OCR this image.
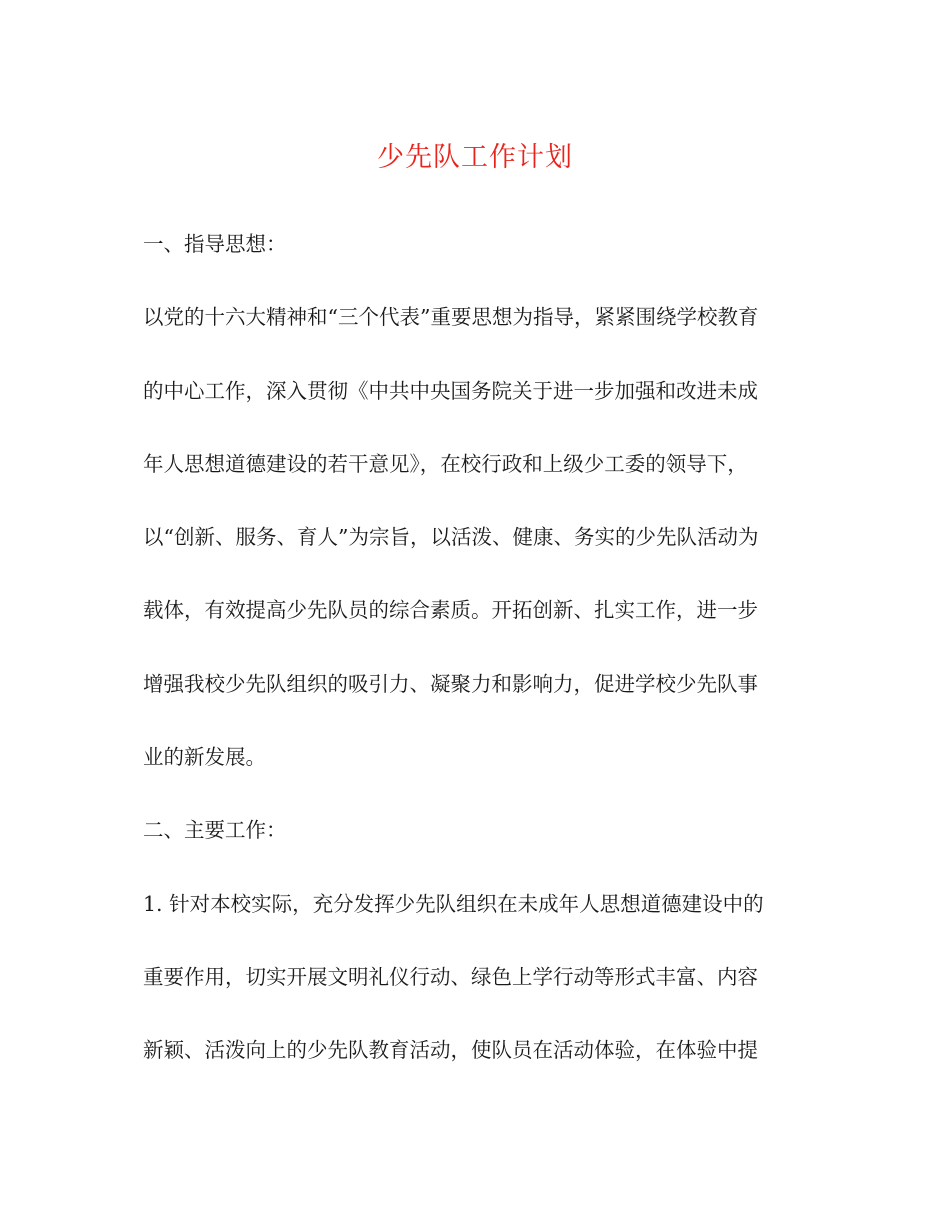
少先队工作计划
一、指导思想：
以党的十六大精神和“三个代表”重要思想为指导，紧紧围绕学校教育
的中心工作，深入贯彻《中共中央国务院关于进一步加强和改进未成
年人思想道德建设的若干意见》，在校行政和上级少工委的领导下，
以“创新、服务、育人”为宗旨，以活泼、健康、务实的少先队活动为
载体，有效提高少先队员的综合素质。开拓创新、扎实工作，进一步
增强我校少先队组织的吸引力、凝聚力和影响力，促进学校少先队事
业的新发展。
二、主要工作：
1. 针对本校实际，充分发挥少先队组织在未成年人思想道德建设中的
重要作用，切实开展文明礼仪行动、绿色上学行动等形式丰富、内容
新颖、活泼向上的少先队教育活动，使队员在活动体验，在体验中提
